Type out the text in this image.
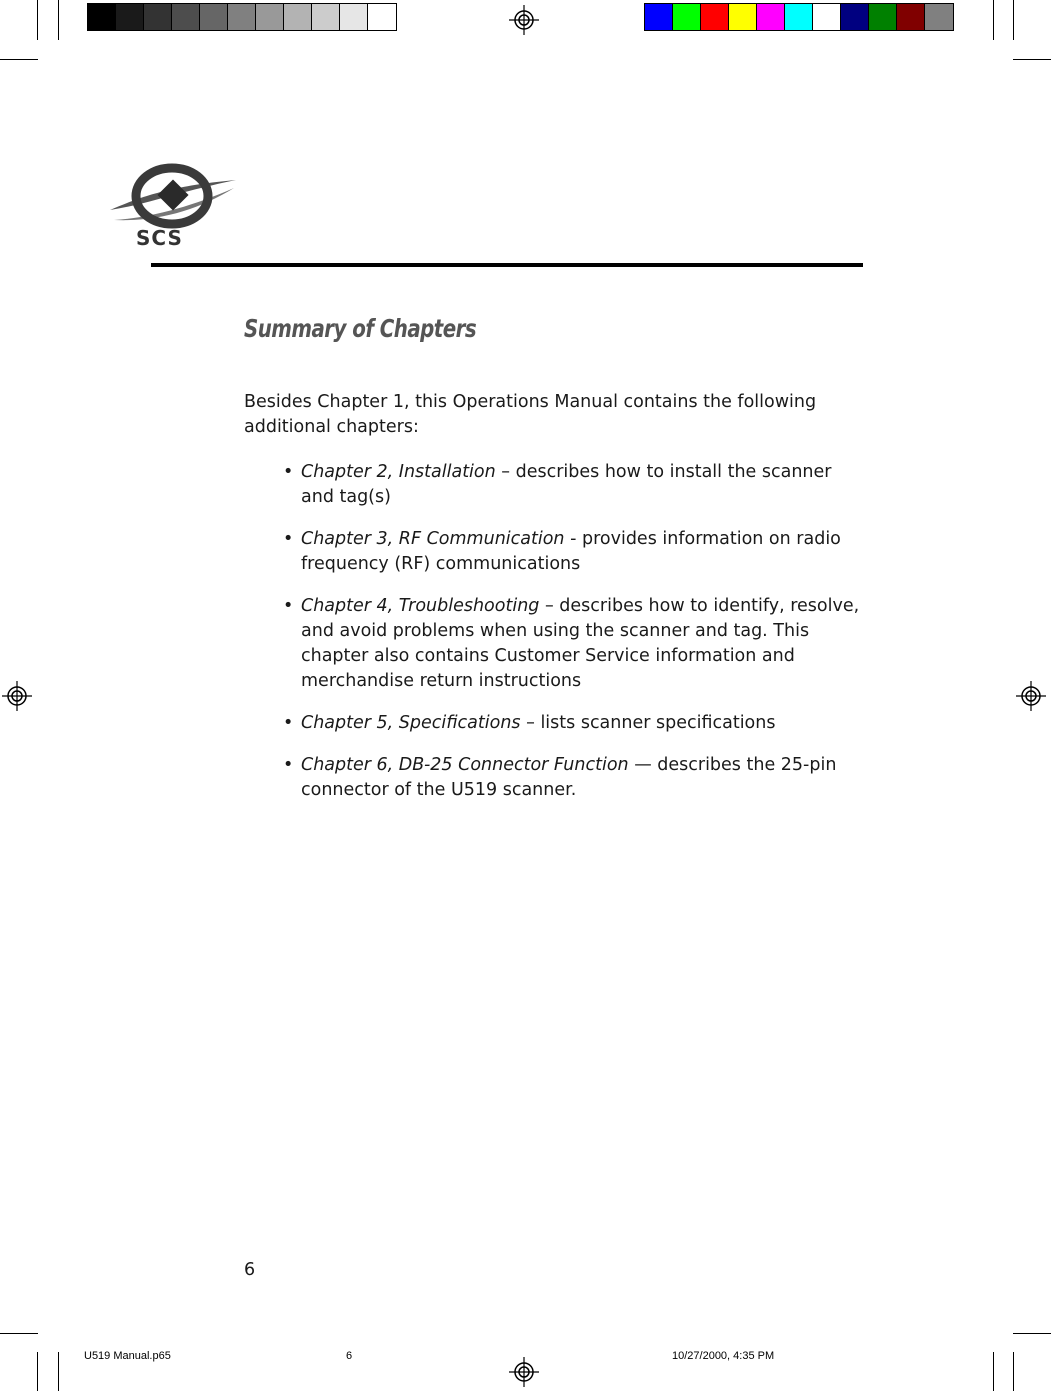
SCS
Summary of Chapters
Besides Chapter 1, this Operations Manual contains the following additional chapters:
• Chapter 2, Installation – describes how to install the scanner and tag(s)
• Chapter 3, RF Communication - provides information on radio frequency (RF) communications
• Chapter 4, Troubleshooting – describes how to identify, resolve, and avoid problems when using the scanner and tag. This chapter also contains Customer Service information and merchandise return instructions
• Chapter 5, Specifications – lists scanner specifications
• Chapter 6, DB-25 Connector Function — describes the 25-pin connector of the U519 scanner.
6
U519 Manual.p65	6	10/27/2000, 4:35 PM
